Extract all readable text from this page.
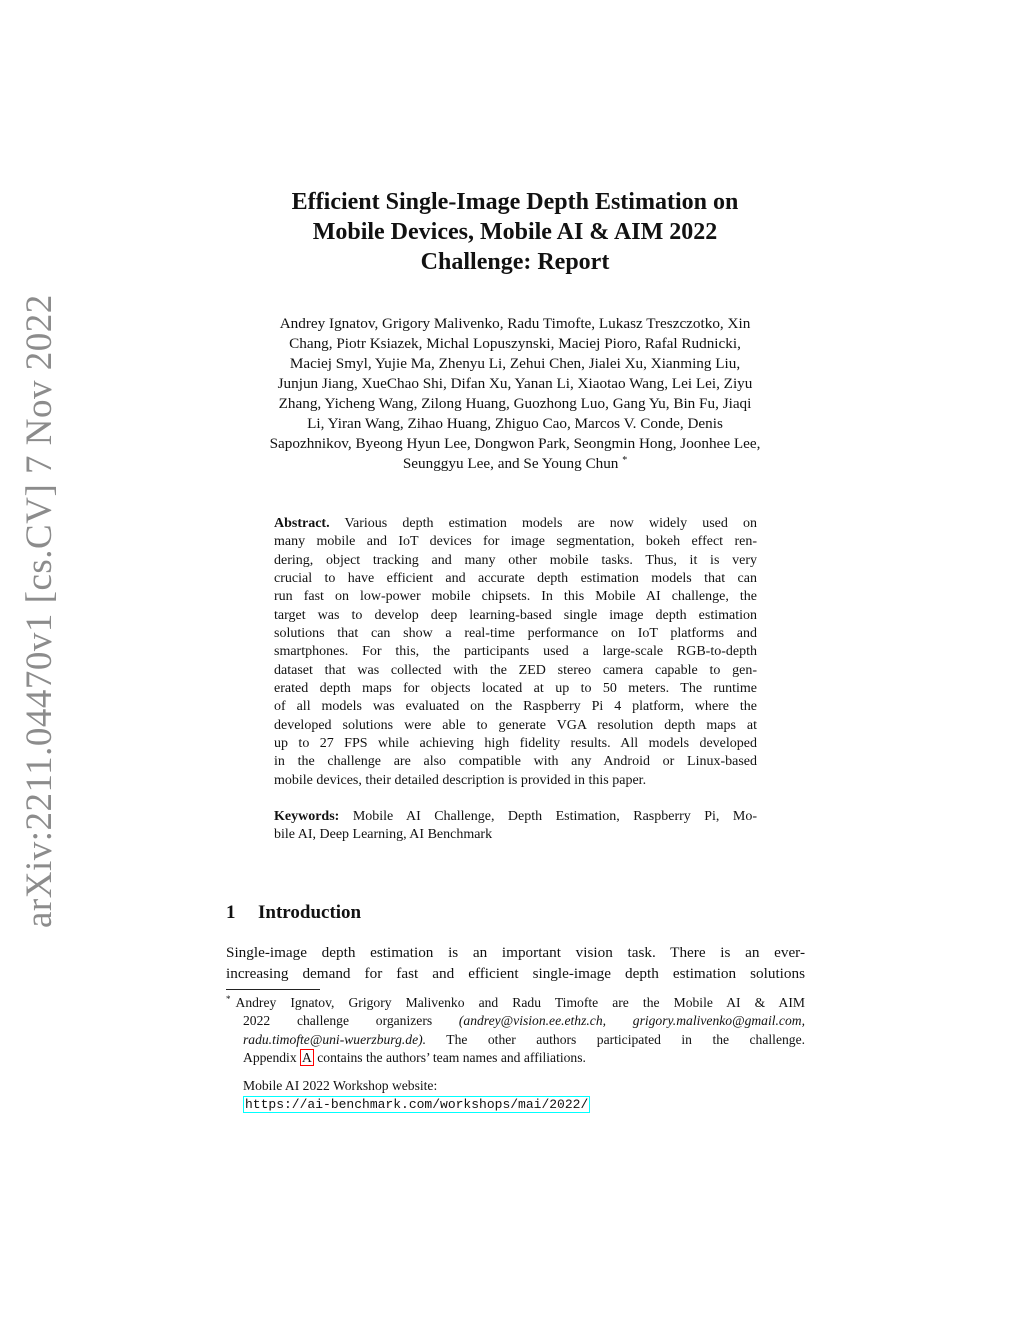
arXiv:2211.04470v1 [cs.CV] 7 Nov 2022
Efficient Single-Image Depth Estimation on
Mobile Devices, Mobile AI & AIM 2022
Challenge: Report
Andrey Ignatov, Grigory Malivenko, Radu Timofte, Lukasz Treszczotko, Xin
Chang, Piotr Ksiazek, Michal Lopuszynski, Maciej Pioro, Rafal Rudnicki,
Maciej Smyl, Yujie Ma, Zhenyu Li, Zehui Chen, Jialei Xu, Xianming Liu,
Junjun Jiang, XueChao Shi, Difan Xu, Yanan Li, Xiaotao Wang, Lei Lei, Ziyu
Zhang, Yicheng Wang, Zilong Huang, Guozhong Luo, Gang Yu, Bin Fu, Jiaqi
Li, Yiran Wang, Zihao Huang, Zhiguo Cao, Marcos V. Conde, Denis
Sapozhnikov, Byeong Hyun Lee, Dongwon Park, Seongmin Hong, Joonhee Lee,
Seunggyu Lee, and Se Young Chun *
Abstract. Various depth estimation models are now widely used on
many mobile and IoT devices for image segmentation, bokeh effect ren-
dering, object tracking and many other mobile tasks. Thus, it is very
crucial to have efficient and accurate depth estimation models that can
run fast on low-power mobile chipsets. In this Mobile AI challenge, the
target was to develop deep learning-based single image depth estimation
solutions that can show a real-time performance on IoT platforms and
smartphones. For this, the participants used a large-scale RGB-to-depth
dataset that was collected with the ZED stereo camera capable to gen-
erated depth maps for objects located at up to 50 meters. The runtime
of all models was evaluated on the Raspberry Pi 4 platform, where the
developed solutions were able to generate VGA resolution depth maps at
up to 27 FPS while achieving high fidelity results. All models developed
in the challenge are also compatible with any Android or Linux-based
mobile devices, their detailed description is provided in this paper.
Keywords: Mobile AI Challenge, Depth Estimation, Raspberry Pi, Mo-
bile AI, Deep Learning, AI Benchmark
1 Introduction
Single-image depth estimation is an important vision task. There is an ever-
increasing demand for fast and efficient single-image depth estimation solutions
* Andrey Ignatov, Grigory Malivenko and Radu Timofte are the Mobile AI & AIM
2022 challenge organizers (andrey@vision.ee.ethz.ch, grigory.malivenko@gmail.com,
radu.timofte@uni-wuerzburg.de). The other authors participated in the challenge.
Appendix A contains the authors’ team names and affiliations.
Mobile AI 2022 Workshop website:
https://ai-benchmark.com/workshops/mai/2022/
